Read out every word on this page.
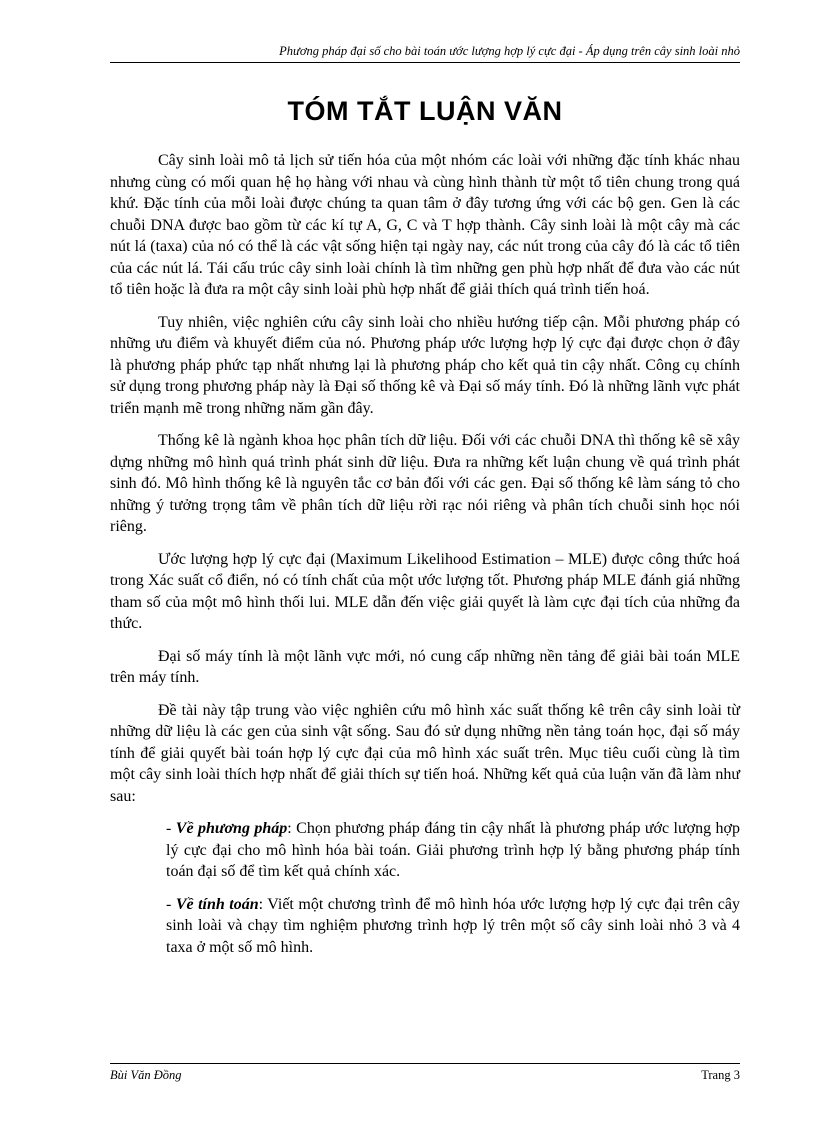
Phương pháp đại số cho bài toán ước lượng hợp lý cực đại - Áp dụng trên cây sinh loài nhỏ
TÓM TẮT LUẬN VĂN

Cây sinh loài mô tả lịch sử tiến hóa của một nhóm các loài với những đặc tính khác nhau nhưng cùng có mối quan hệ họ hàng với nhau và cùng hình thành từ một tổ tiên chung trong quá khứ. Đặc tính của mỗi loài được chúng ta quan tâm ở đây tương ứng với các bộ gen. Gen là các chuỗi DNA được bao gồm từ các kí tự A, G, C và T hợp thành. Cây sinh loài là một cây mà các nút lá (taxa) của nó có thể là các vật sống hiện tại ngày nay, các nút trong của cây đó là các tổ tiên của các nút lá. Tái cấu trúc cây sinh loài chính là tìm những gen phù hợp nhất để đưa vào các nút tổ tiên hoặc là đưa ra một cây sinh loài phù hợp nhất để giải thích quá trình tiến hoá.

Tuy nhiên, việc nghiên cứu cây sinh loài cho nhiều hướng tiếp cận. Mỗi phương pháp có những ưu điểm và khuyết điểm của nó. Phương pháp ước lượng hợp lý cực đại được chọn ở đây là phương pháp phức tạp nhất nhưng lại là phương pháp cho kết quả tin cậy nhất. Công cụ chính sử dụng trong phương pháp này là Đại số thống kê và Đại số máy tính. Đó là những lãnh vực phát triển mạnh mẽ trong những năm gần đây.

Thống kê là ngành khoa học phân tích dữ liệu. Đối với các chuỗi DNA thì thống kê sẽ xây dựng những mô hình quá trình phát sinh dữ liệu. Đưa ra những kết luận chung về quá trình phát sinh đó. Mô hình thống kê là nguyên tắc cơ bản đối với các gen. Đại số thống kê làm sáng tỏ cho những ý tưởng trọng tâm về phân tích dữ liệu rời rạc nói riêng và phân tích chuỗi sinh học nói riêng.

Ước lượng hợp lý cực đại (Maximum Likelihood Estimation – MLE) được công thức hoá trong Xác suất cổ điển, nó có tính chất của một ước lượng tốt. Phương pháp MLE đánh giá những tham số của một mô hình thối lui. MLE dẫn đến việc giải quyết là làm cực đại tích của những đa thức.

Đại số máy tính là một lãnh vực mới, nó cung cấp những nền tảng để giải bài toán MLE trên máy tính.

Đề tài này tập trung vào việc nghiên cứu mô hình xác suất thống kê trên cây sinh loài từ những dữ liệu là các gen của sinh vật sống. Sau đó sử dụng những nền tảng toán học, đại số máy tính để giải quyết bài toán hợp lý cực đại của mô hình xác suất trên. Mục tiêu cuối cùng là tìm một cây sinh loài thích hợp nhất để giải thích sự tiến hoá. Những kết quả của luận văn đã làm như sau:

- Về phương pháp: Chọn phương pháp đáng tin cậy nhất là phương pháp ước lượng hợp lý cực đại cho mô hình hóa bài toán. Giải phương trình hợp lý bằng phương pháp tính toán đại số để tìm kết quả chính xác.

- Về tính toán: Viết một chương trình để mô hình hóa ước lượng hợp lý cực đại trên cây sinh loài và chạy tìm nghiệm phương trình hợp lý trên một số cây sinh loài nhỏ 3 và 4 taxa ở một số mô hình.

Bùi Văn Đồng	Trang 3
